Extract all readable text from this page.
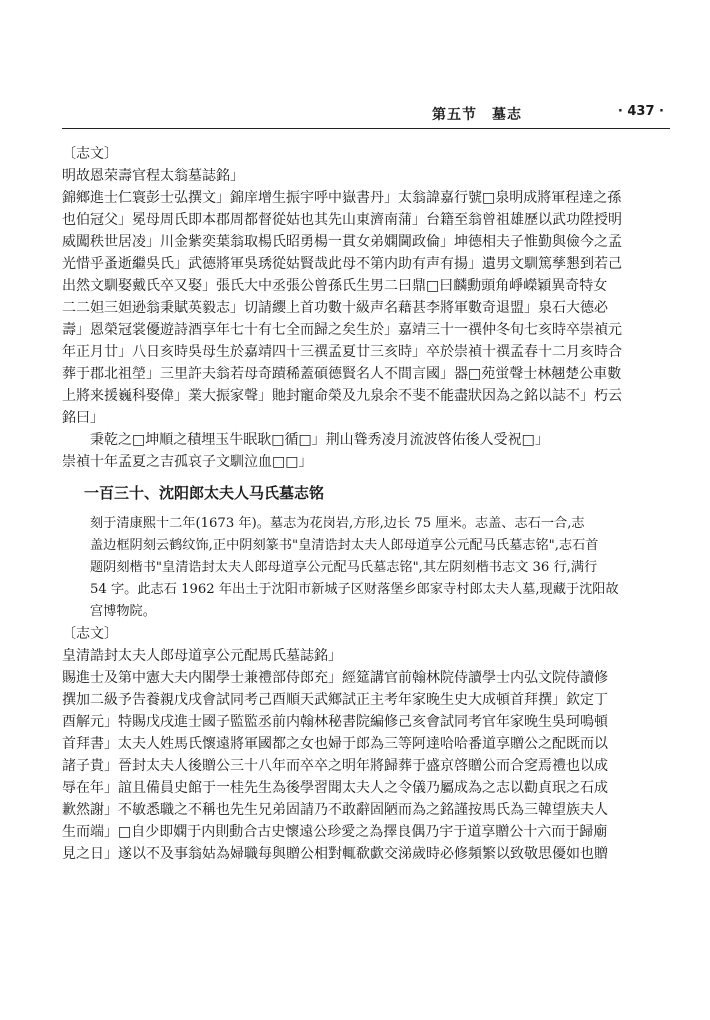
第五节　墓志	· 437 ·
〔志文〕
明故恩荣壽官程太翁墓誌銘」
錦鄉進士仁寰彭士弘撰文」錦庠增生振宇呼中嶽書丹」太翁諱嘉行號□泉明成將軍程達之孫
也伯冠父」冕母周氏即本郡周都督從姑也其先山東濟南蒲」台籍至翁曾祖雄歷以武功陞授明
威闖秩世居凌」川金紫奕葉翁取楊氏昭勇楊一貫女弟嫻閫政倫」坤德相夫子惟勤與儉今之孟
光惜乎蚤逝繼吳氏」武德將軍吳琇從姑賢哉此母不第内助有声有揚」遺男文馴篤孳懇到若己
出然文馴娶戴氏卒又娶」張氏大中丞張公曾孫氏生男二曰鼎□曰麟勳頭角崢嶸穎異奇特女
二二妲三妲逊翁秉賦英毅志」切請纓上首功數十級声名藉甚李將軍數奇退盟」泉石大德必
壽」恩榮冠裳優遊詩酒享年七十有七全而歸之矣生於」嘉靖三十一禩仲冬旬七亥時卒崇禎元
年正月廿」八日亥時吳母生於嘉靖四十三禩孟夏廿三亥時」卒於崇禎十禩孟春十二月亥時合
葬于郡北祖塋」三里許夫翁若母奇蹟稀蓋碩德賢名人不間言國」器□苑蛍聲士林翹楚公車數
上將来援巍科娶偉」業大振家聲」貤封寵命榮及九泉余不斐不能盡狀因為之銘以誌不」朽云
銘曰」
秉乾之□坤順之積埋玉牛眠耿□循□」荆山聳秀凌月流波啓佑後人受祝□」
崇禎十年孟夏之吉孤哀子文馴泣血□□」
一百三十、沈阳郎太夫人马氏墓志铭
刻于清康熙十二年(1673 年)。墓志为花岗岩,方形,边长 75 厘米。志盖、志石一合,志
盖边框阴刻云鹤纹饰,正中阴刻篆书"皇清诰封太夫人郎母道享公元配马氏墓志铭",志石首
题阴刻楷书"皇清诰封太夫人郎母道享公元配马氏墓志铭",其左阴刻楷书志文 36 行,满行
54 字。此志石 1962 年出土于沈阳市新城子区财落堡乡郎家寺村郎太夫人墓,现藏于沈阳故
宫博物院。
〔志文〕
皇清誥封太夫人郎母道享公元配馬氏墓誌銘」
賜進士及第中憲大夫内閣學士兼禮部侍郎充」經筵講官前翰林院侍讀學士内弘文院侍讀修
撰加二級予告養親戊戌會試同考己酉順天武鄉試正主考年家晚生史大成頓首拜撰」欽定丁
酉解元」特賜戊戌進士國子監監丞前内翰林秘書院編修己亥會試同考官年家晚生吳珂鳴頓
首拜書」太夫人姓馬氏懷遠將軍國都之女也婦于郎為三等阿達哈哈番道享贈公之配既而以
諸子貴」晉封太夫人後贈公三十八年而卒卒之明年將歸葬于盛京啓贈公而合窆焉禮也以成
辱在年」誼且備員史館于一桂先生為後學習聞太夫人之令儀乃屬成為之志以勸貞珉之石成
歉然謝」不敏悉職之不稱也先生兄弟固請乃不敢辭固陋而為之銘謹按馬氏為三韓望族夫人
生而端」□自少即嫻于内則動合古史懷遠公珍愛之為擇良偶乃宇于道享贈公十六而于歸廟
見之日」遂以不及事翁姑為婦職每與贈公相對輒欷歔交涕歲時必修頻繁以致敬思優如也贈
